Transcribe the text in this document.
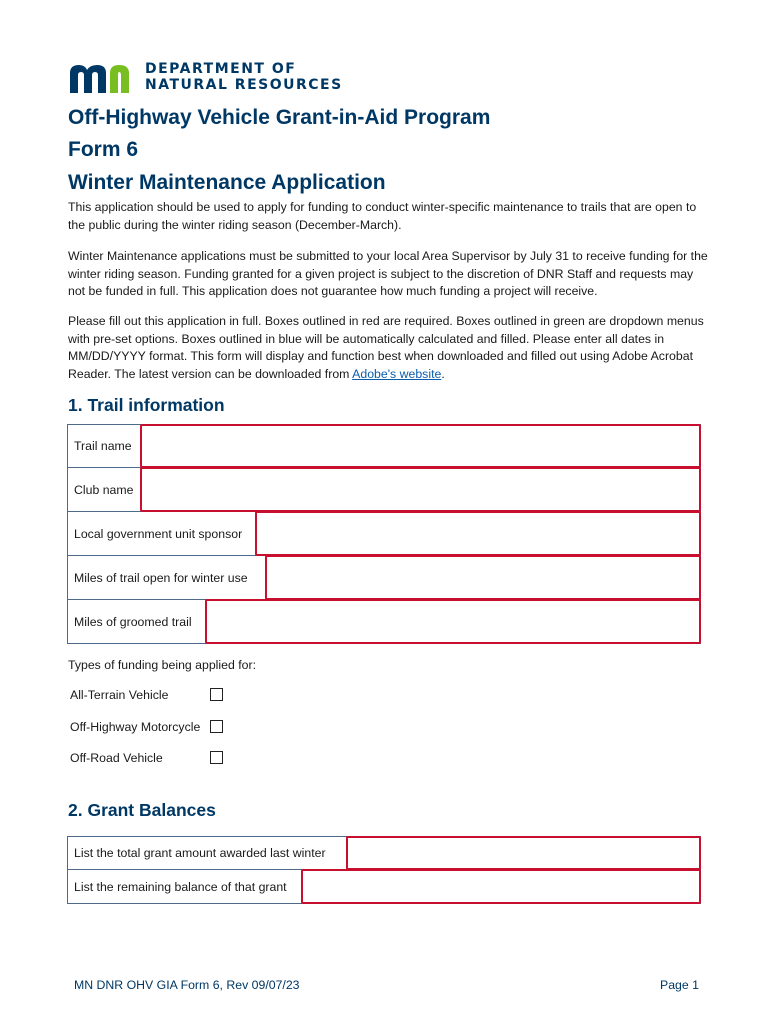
DEPARTMENT OF
NATURAL RESOURCES
Off-Highway Vehicle Grant-in-Aid Program
Form 6
Winter Maintenance Application

This application should be used to apply for funding to conduct winter-specific maintenance to trails that are open to the public during the winter riding season (December-March).

Winter Maintenance applications must be submitted to your local Area Supervisor by July 31 to receive funding for the winter riding season. Funding granted for a given project is subject to the discretion of DNR Staff and requests may not be funded in full. This application does not guarantee how much funding a project will receive.

Please fill out this application in full. Boxes outlined in red are required. Boxes outlined in green are dropdown menus with pre-set options. Boxes outlined in blue will be automatically calculated and filled. Please enter all dates in MM/DD/YYYY format. This form will display and function best when downloaded and filled out using Adobe Acrobat Reader. The latest version can be downloaded from Adobe's website.

1. Trail information
Trail name
Club name
Local government unit sponsor
Miles of trail open for winter use
Miles of groomed trail

Types of funding being applied for:

All-Terrain Vehicle
Off-Highway Motorcycle
Off-Road Vehicle
2. Grant Balances
List the total grant amount awarded last winter
List the remaining balance of that grant
MN DNR OHV GIA Form 6, Rev 09/07/23	Page 1
